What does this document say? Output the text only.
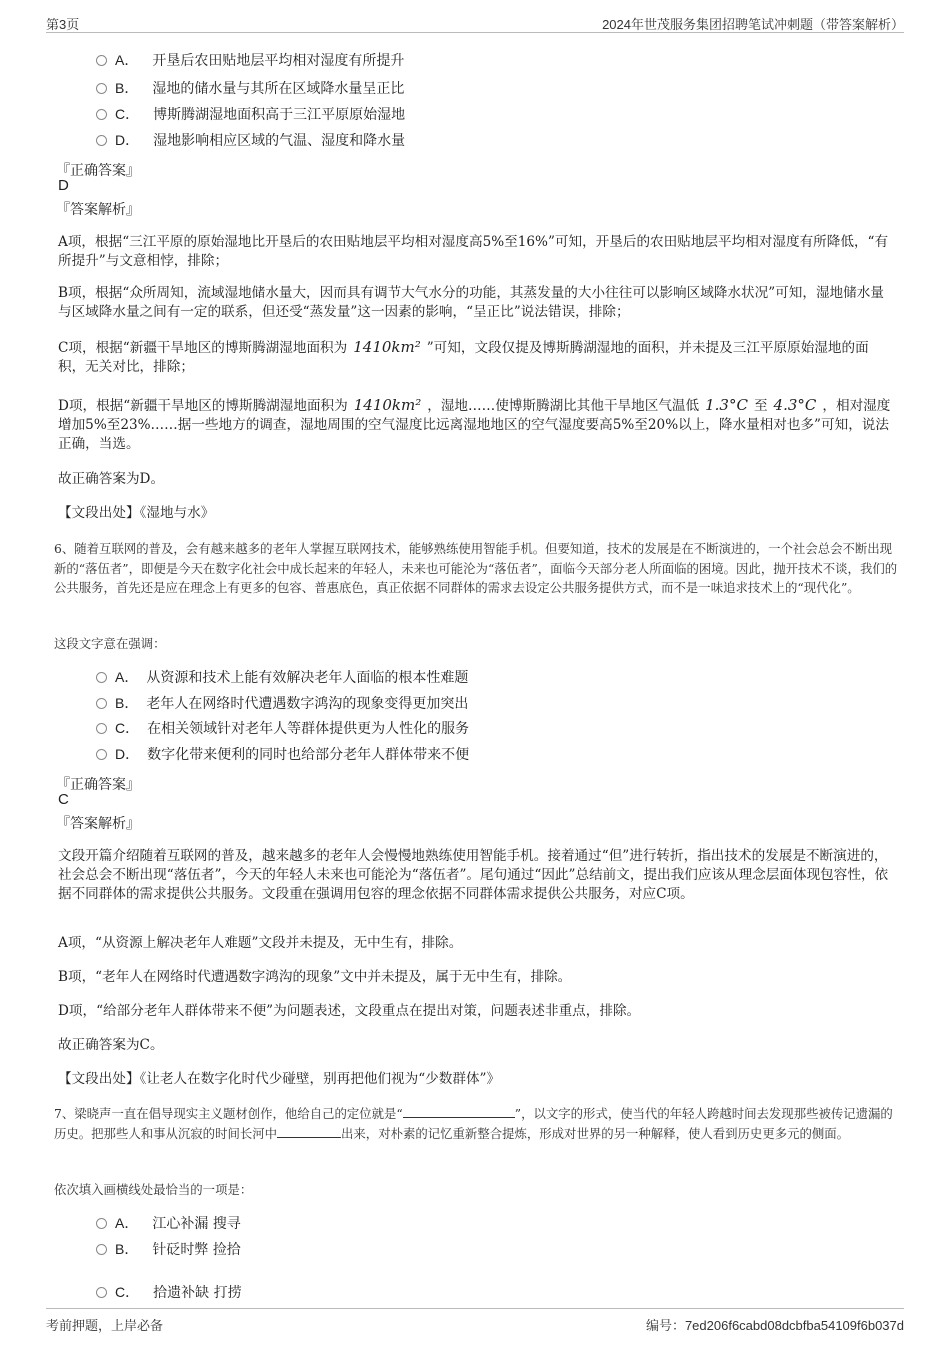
第3页	2024年世茂服务集团招聘笔试冲刺题（带答案解析）
A． 开垦后农田贴地层平均相对湿度有所提升
B． 湿地的储水量与其所在区域降水量呈正比
C． 博斯腾湖湿地面积高于三江平原原始湿地
D． 湿地影响相应区域的气温、湿度和降水量
『正确答案』
D
『答案解析』
A项，根据“三江平原的原始湿地比开垦后的农田贴地层平均相对湿度高5%至16%”可知，开垦后的农田贴地层平均相对湿度有所降低，“有所提升”与文意相悖，排除；
B项，根据“众所周知，流域湿地储水量大，因而具有调节大气水分的功能，其蒸发量的大小往往可以影响区域降水状况”可知，湿地储水量与区域降水量之间有一定的联系，但还受“蒸发量”这一因素的影响，“呈正比”说法错误，排除；
C项，根据“新疆干旱地区的博斯腾湖湿地面积为 1410km² ”可知，文段仅提及博斯腾湖湿地的面积，并未提及三江平原原始湿地的面积，无关对比，排除；
D项，根据“新疆干旱地区的博斯腾湖湿地面积为 1410km² ，湿地……使博斯腾湖比其他干旱地区气温低 1.3°C 至 4.3°C ，相对湿度增加5%至23%……据一些地方的调查，湿地周围的空气湿度比远离湿地地区的空气湿度要高5%至20%以上，降水量相对也多”可知，说法正确，当选。
故正确答案为D。
【文段出处】《湿地与水》
6、随着互联网的普及，会有越来越多的老年人掌握互联网技术，能够熟练使用智能手机。但要知道，技术的发展是在不断演进的，一个社会总会不断出现新的“落伍者”，即便是今天在数字化社会中成长起来的年轻人，未来也可能沦为“落伍者”，面临今天部分老人所面临的困境。因此，抛开技术不谈，我们的公共服务，首先还是应在理念上有更多的包容、普惠底色，真正依据不同群体的需求去设定公共服务提供方式，而不是一味追求技术上的“现代化”。
这段文字意在强调：
A． 从资源和技术上能有效解决老年人面临的根本性难题
B． 老年人在网络时代遭遇数字鸿沟的现象变得更加突出
C． 在相关领域针对老年人等群体提供更为人性化的服务
D． 数字化带来便利的同时也给部分老年人群体带来不便
『正确答案』
C
『答案解析』
文段开篇介绍随着互联网的普及，越来越多的老年人会慢慢地熟练使用智能手机。接着通过“但”进行转折，指出技术的发展是不断演进的，社会总会不断出现“落伍者”，今天的年轻人未来也可能沦为“落伍者”。尾句通过“因此”总结前文，提出我们应该从理念层面体现包容性，依据不同群体的需求提供公共服务。文段重在强调用包容的理念依据不同群体需求提供公共服务，对应C项。
A项，“从资源上解决老年人难题”文段并未提及，无中生有，排除。
B项，“老年人在网络时代遭遇数字鸿沟的现象”文中并未提及，属于无中生有，排除。
D项，“给部分老年人群体带来不便”为问题表述，文段重点在提出对策，问题表述非重点，排除。
故正确答案为C。
【文段出处】《让老人在数字化时代少碰壁，别再把他们视为“少数群体”》
7、梁晓声一直在倡导现实主义题材创作，他给自己的定位就是“	”，以文字的形式，使当代的年轻人跨越时间去发现那些被传记遗漏的历史。把那些人和事从沉寂的时间长河中	出来，对朴素的记忆重新整合提炼，形成对世界的另一种解释，使人看到历史更多元的侧面。
依次填入画横线处最恰当的一项是：
A． 江心补漏 搜寻
B． 针砭时弊 捡拾
C． 拾遗补缺 打捞
考前押题，上岸必备	编号：7ed206f6cabd08dcbfba54109f6b037d
